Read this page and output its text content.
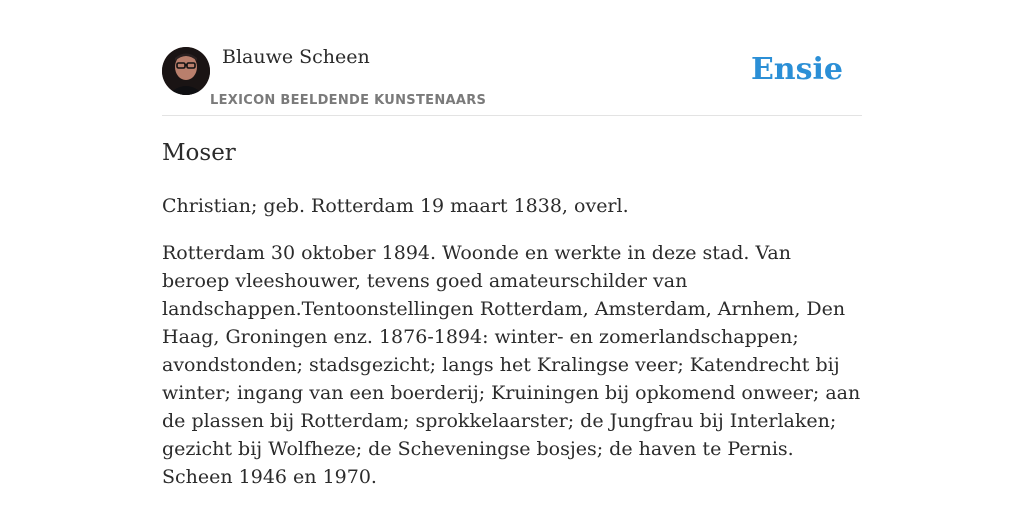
Blauwe Scheen
LEXICON BEELDENDE KUNSTENAARS
Ensie
Moser

Christian; geb. Rotterdam 19 maart 1838, overl.

Rotterdam 30 oktober 1894. Woonde en werkte in deze stad. Van beroep vleeshouwer, tevens goed amateurschilder van landschappen.Tentoonstellingen Rotterdam, Amsterdam, Arnhem, Den Haag, Groningen enz. 1876-1894: winter- en zomerlandschappen; avondstonden; stadsgezicht; langs het Kralingse veer; Katendrecht bij winter; ingang van een boerderij; Kruiningen bij opkomend onweer; aan de plassen bij Rotterdam; sprokkelaarster; de Jungfrau bij Interlaken; gezicht bij Wolfheze; de Scheveningse bosjes; de haven te Pernis.

Scheen 1946 en 1970.
